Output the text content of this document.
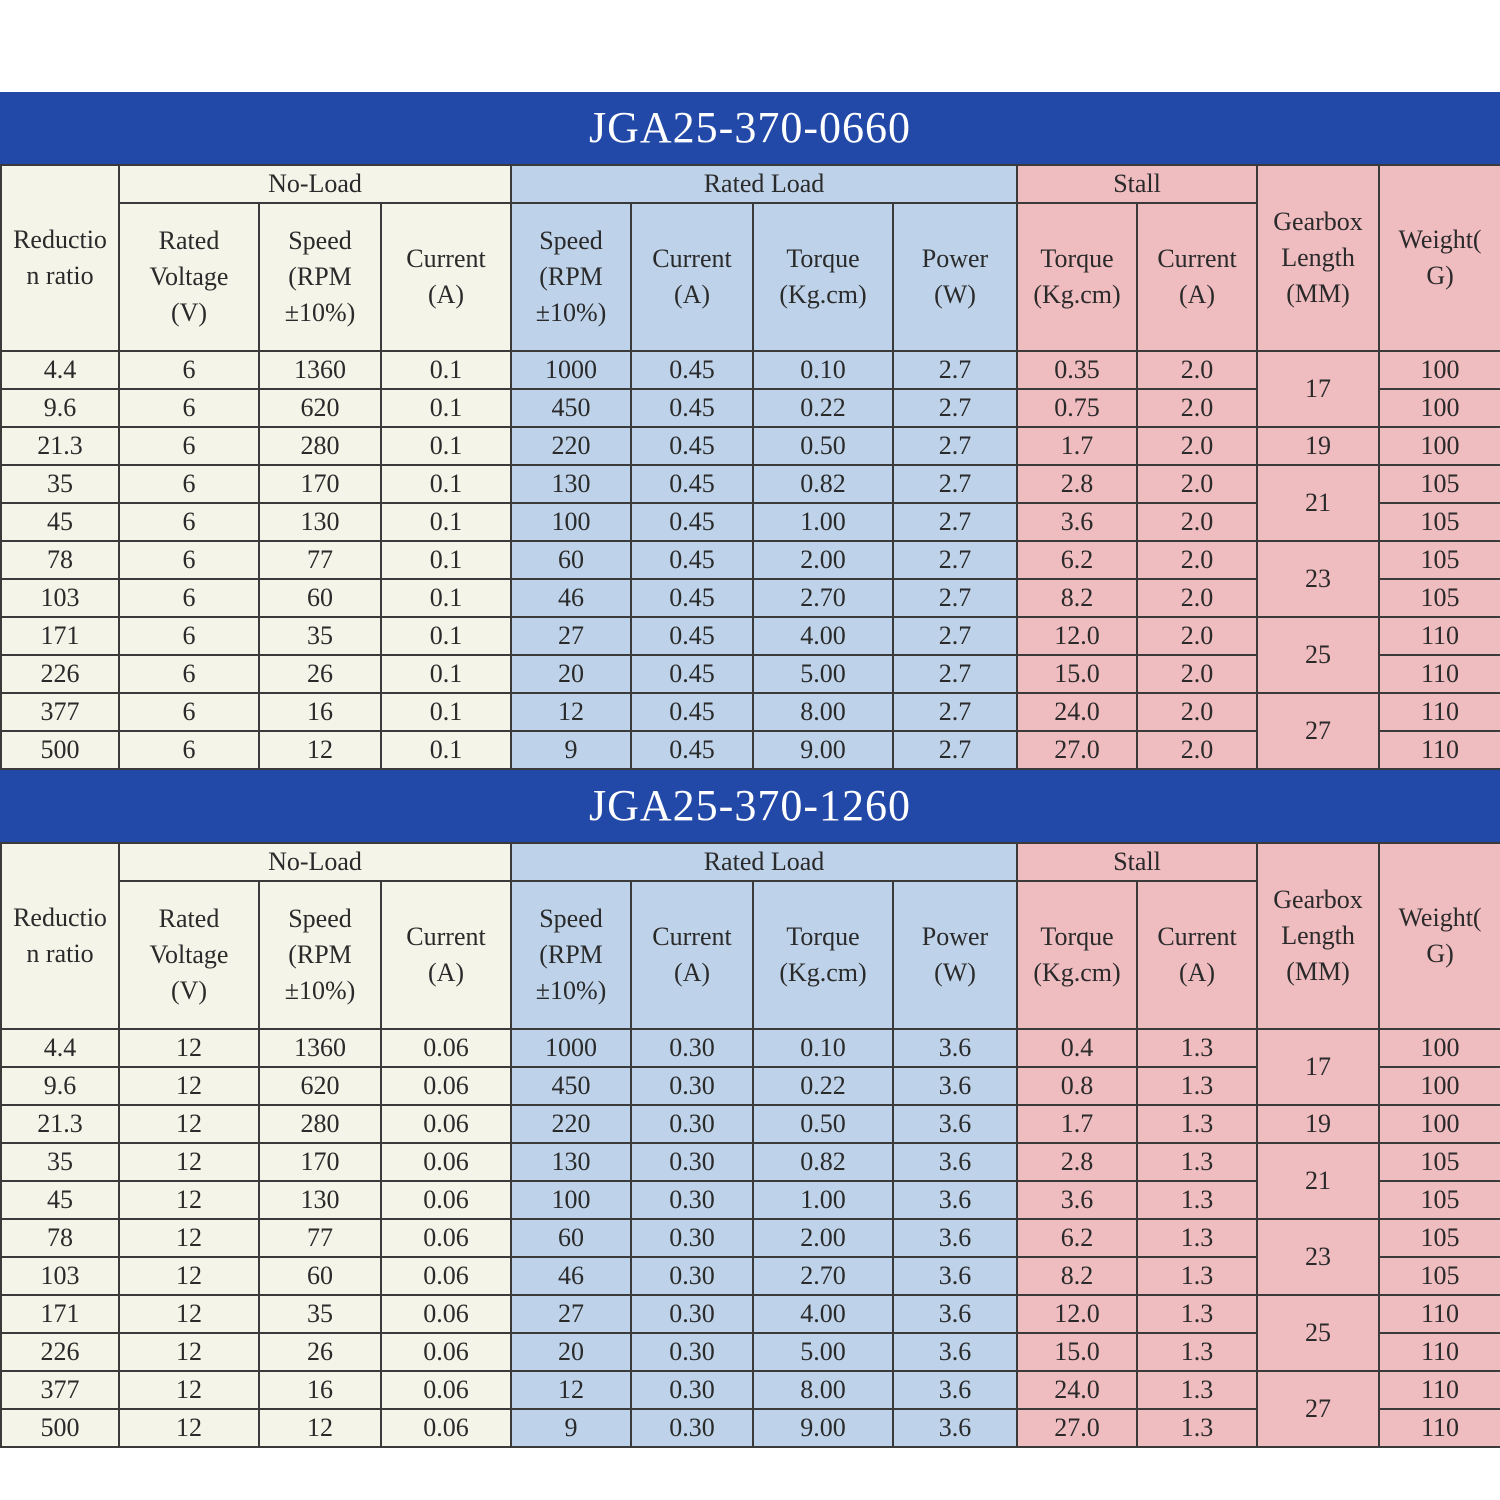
JGA25-370-0660
Reductio
n ratio	No-Load			Rated Load				Stall		Gearbox
Length
(MM)	Weight(
G)

	Rated
Voltage
(V)	Speed
(RPM
±10%)	Current
(A)	Speed
(RPM
±10%)	Current
(A)	Torque
(Kg.cm)	Power
(W)	Torque
(Kg.cm)	Current
(A)		

4.4	6	1360	0.1	1000	0.45	0.10	2.7	0.35	2.0	17	100
9.6	6	620	0.1	450	0.45	0.22	2.7	0.75	2.0		100
21.3	6	280	0.1	220	0.45	0.50	2.7	1.7	2.0	19	100
35	6	170	0.1	130	0.45	0.82	2.7	2.8	2.0	21	105
45	6	130	0.1	100	0.45	1.00	2.7	3.6	2.0		105
78	6	77	0.1	60	0.45	2.00	2.7	6.2	2.0	23	105
103	6	60	0.1	46	0.45	2.70	2.7	8.2	2.0		105
171	6	35	0.1	27	0.45	4.00	2.7	12.0	2.0	25	110
226	6	26	0.1	20	0.45	5.00	2.7	15.0	2.0		110
377	6	16	0.1	12	0.45	8.00	2.7	24.0	2.0	27	110
500	6	12	0.1	9	0.45	9.00	2.7	27.0	2.0		110
JGA25-370-1260
Reductio
n ratio	No-Load			Rated Load				Stall		Gearbox
Length
(MM)	Weight(
G)

	Rated
Voltage
(V)	Speed
(RPM
±10%)	Current
(A)	Speed
(RPM
±10%)	Current
(A)	Torque
(Kg.cm)	Power
(W)	Torque
(Kg.cm)	Current
(A)		

4.4	12	1360	0.06	1000	0.30	0.10	3.6	0.4	1.3	17	100
9.6	12	620	0.06	450	0.30	0.22	3.6	0.8	1.3		100
21.3	12	280	0.06	220	0.30	0.50	3.6	1.7	1.3	19	100
35	12	170	0.06	130	0.30	0.82	3.6	2.8	1.3	21	105
45	12	130	0.06	100	0.30	1.00	3.6	3.6	1.3		105
78	12	77	0.06	60	0.30	2.00	3.6	6.2	1.3	23	105
103	12	60	0.06	46	0.30	2.70	3.6	8.2	1.3		105
171	12	35	0.06	27	0.30	4.00	3.6	12.0	1.3	25	110
226	12	26	0.06	20	0.30	5.00	3.6	15.0	1.3		110
377	12	16	0.06	12	0.30	8.00	3.6	24.0	1.3	27	110
500	12	12	0.06	9	0.30	9.00	3.6	27.0	1.3		110
